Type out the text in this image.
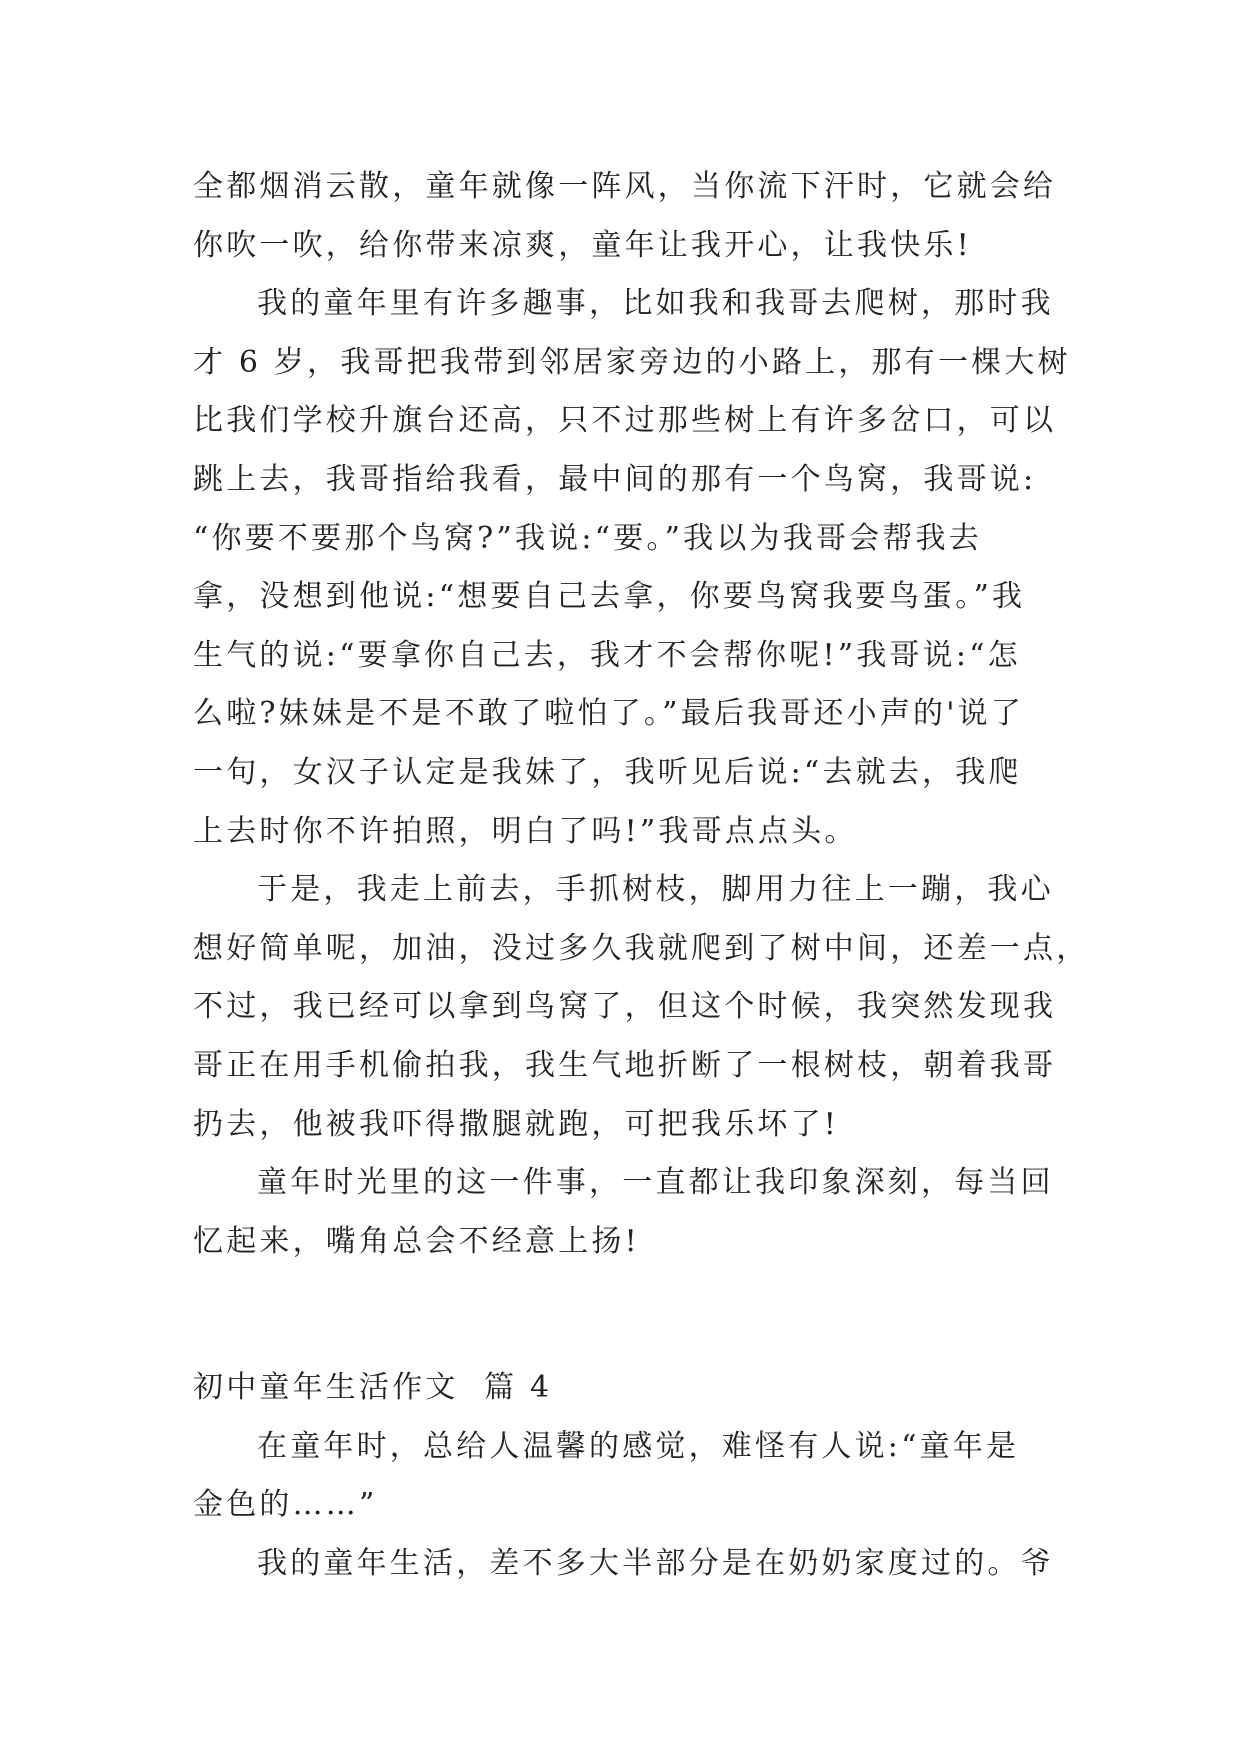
全都烟消云散，童年就像一阵风，当你流下汗时，它就会给
你吹一吹，给你带来凉爽，童年让我开心，让我快乐!
我的童年里有许多趣事，比如我和我哥去爬树，那时我
才 6 岁，我哥把我带到邻居家旁边的小路上，那有一棵大树
比我们学校升旗台还高，只不过那些树上有许多岔口，可以
跳上去，我哥指给我看，最中间的那有一个鸟窝，我哥说:
“你要不要那个鸟窝?”我说:“要。”我以为我哥会帮我去
拿，没想到他说:“想要自己去拿，你要鸟窝我要鸟蛋。”我
生气的说:“要拿你自己去，我才不会帮你呢!”我哥说:“怎
么啦?妹妹是不是不敢了啦怕了。”最后我哥还小声的'说了
一句，女汉子认定是我妹了，我听见后说:“去就去，我爬
上去时你不许拍照，明白了吗!”我哥点点头。
于是，我走上前去，手抓树枝，脚用力往上一蹦，我心
想好简单呢，加油，没过多久我就爬到了树中间，还差一点，
不过，我已经可以拿到鸟窝了，但这个时候，我突然发现我
哥正在用手机偷拍我，我生气地折断了一根树枝，朝着我哥
扔去，他被我吓得撒腿就跑，可把我乐坏了!
童年时光里的这一件事，一直都让我印象深刻，每当回
忆起来，嘴角总会不经意上扬!
初中童年生活作文  篇 4
在童年时，总给人温馨的感觉，难怪有人说:“童年是
金色的……”
我的童年生活，差不多大半部分是在奶奶家度过的。爷
